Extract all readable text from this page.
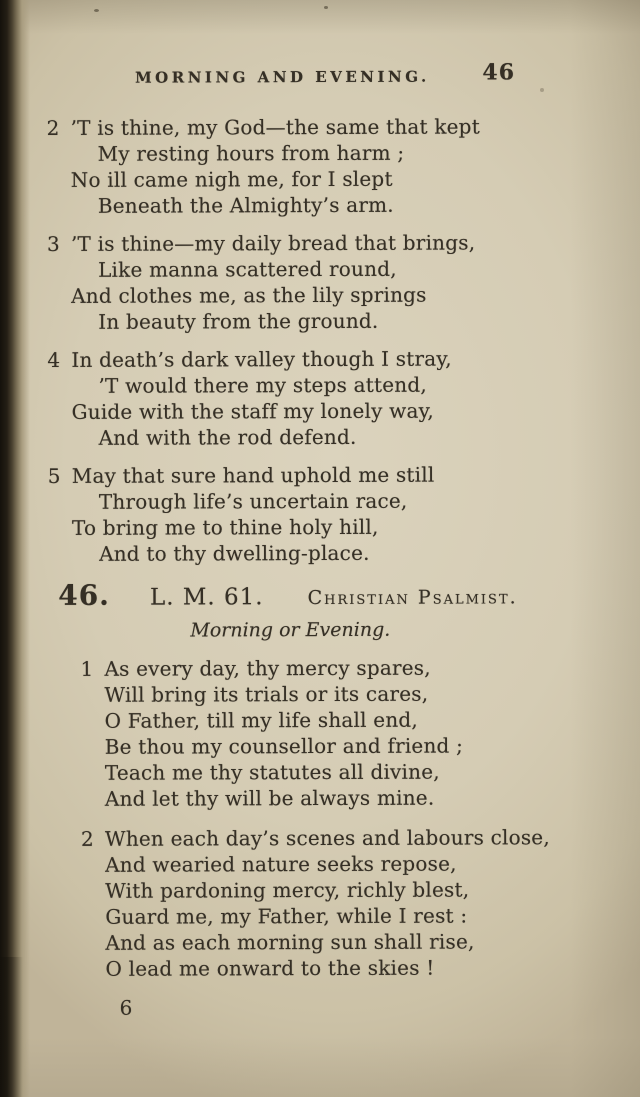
MORNING AND EVENING. 46
2 ’T is thine, my God—the same that kept
My resting hours from harm ;
No ill came nigh me, for I slept
Beneath the Almighty’s arm.
3 ’T is thine—my daily bread that brings,
Like manna scattered round,
And clothes me, as the lily springs
In beauty from the ground.
4 In death’s dark valley though I stray,
’T would there my steps attend,
Guide with the staff my lonely way,
And with the rod defend.
5 May that sure hand uphold me still
Through life’s uncertain race,
To bring me to thine holy hill,
And to thy dwelling-place.
46. L. M. 61. Christian Psalmist.
Morning or Evening.
1 As every day, thy mercy spares,
Will bring its trials or its cares,
O Father, till my life shall end,
Be thou my counsellor and friend ;
Teach me thy statutes all divine,
And let thy will be always mine.
2 When each day’s scenes and labours close,
And wearied nature seeks repose,
With pardoning mercy, richly blest,
Guard me, my Father, while I rest :
And as each morning sun shall rise,
O lead me onward to the skies !
6
